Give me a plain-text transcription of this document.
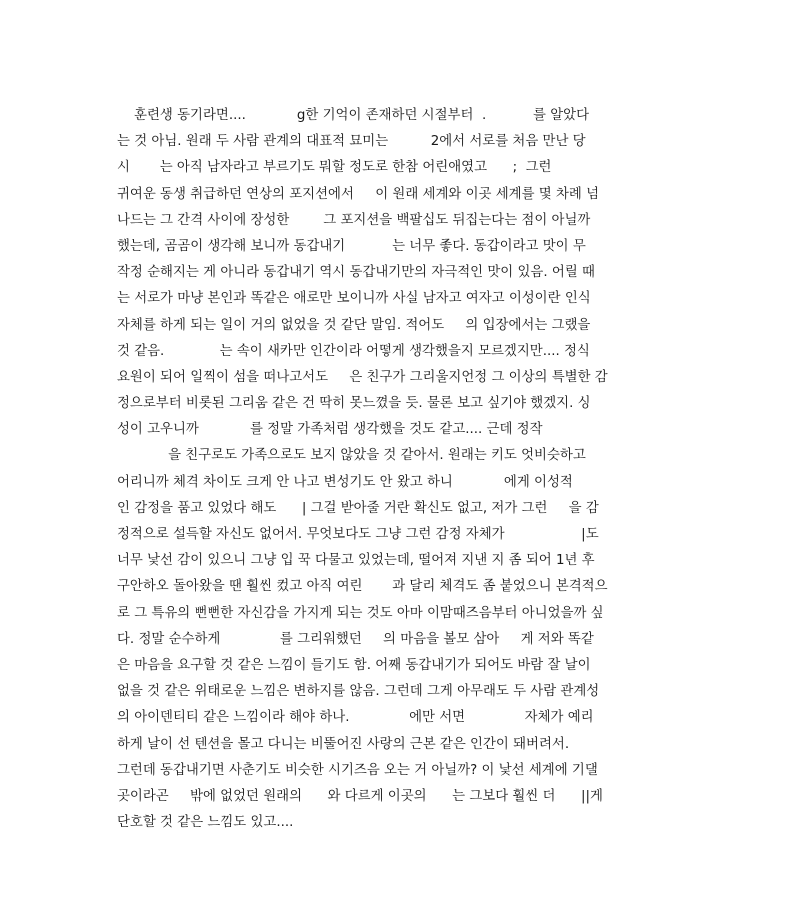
훈련생 동기라면....            g한 기억이 존재하던 시절부터  .           를 알았다
는 것 아님. 원래 두 사람 관계의 대표적 묘미는          2에서 서로를 처음 만난 당
시       는 아직 남자라고 부르기도 뭐할 정도로 한참 어린애였고      ;  그런
귀여운 동생 취급하던 연상의 포지션에서     이 원래 세계와 이곳 세계를 몇 차례 넘
나드는 그 간격 사이에 장성한        그 포지션을 백팔십도 뒤집는다는 점이 아닐까
했는데, 곰곰이 생각해 보니까 동갑내기           는 너무 좋다. 동갑이라고 맛이 무
작정 순해지는 게 아니라 동갑내기 역시 동갑내기만의 자극적인 맛이 있음. 어릴 때
는 서로가 마냥 본인과 똑같은 애로만 보이니까 사실 남자고 여자고 이성이란 인식
자체를 하게 되는 일이 거의 없었을 것 같단 말임. 적어도     의 입장에서는 그랬을
것 같음.             는 속이 새카만 인간이라 어떻게 생각했을지 모르겠지만.... 정식
요원이 되어 일찍이 섬을 떠나고서도     은 친구가 그리울지언정 그 이상의 특별한 감
정으로부터 비롯된 그리움 같은 건 딱히 못느꼈을 듯. 물론 보고 싶기야 했겠지. 싱
성이 고우니까            를 정말 가족처럼 생각했을 것도 같고.... 근데 정작
을 친구로도 가족으로도 보지 않았을 것 같아서. 원래는 키도 엇비슷하고
어리니까 체격 차이도 크게 안 나고 변성기도 안 왔고 하니            에게 이성적
인 감정을 품고 있었다 해도      | 그걸 받아줄 거란 확신도 없고, 저가 그런     을 감
정적으로 설득할 자신도 없어서. 무엇보다도 그냥 그런 감정 자체가                  |도
너무 낯선 감이 있으니 그냥 입 꾹 다물고 있었는데, 떨어져 지낸 지 좀 되어 1년 후
구안하오 돌아왔을 땐 훨씬 컸고 아직 여린       과 달리 체격도 좀 붙었으니 본격적으
로 그 특유의 뻔뻔한 자신감을 가지게 되는 것도 아마 이맘때즈음부터 아니었을까 싶
다. 정말 순수하게              를 그리워했던     의 마음을 볼모 삼아     게 저와 똑같
은 마음을 요구할 것 같은 느낌이 들기도 함. 어째 동갑내기가 되어도 바람 잘 날이
없을 것 같은 위태로운 느낌은 변하지를 않음. 그런데 그게 아무래도 두 사람 관계성
의 아이덴티티 같은 느낌이라 해야 하나.              에만 서면              자체가 예리
하게 날이 선 텐션을 몰고 다니는 비뚤어진 사랑의 근본 같은 인간이 돼버려서.
그런데 동갑내기면 사춘기도 비슷한 시기즈음 오는 거 아닐까? 이 낯선 세계에 기댈
곳이라곤     밖에 없었던 원래의      와 다르게 이곳의      는 그보다 훨씬 더      ||게
단호할 것 같은 느낌도 있고....
